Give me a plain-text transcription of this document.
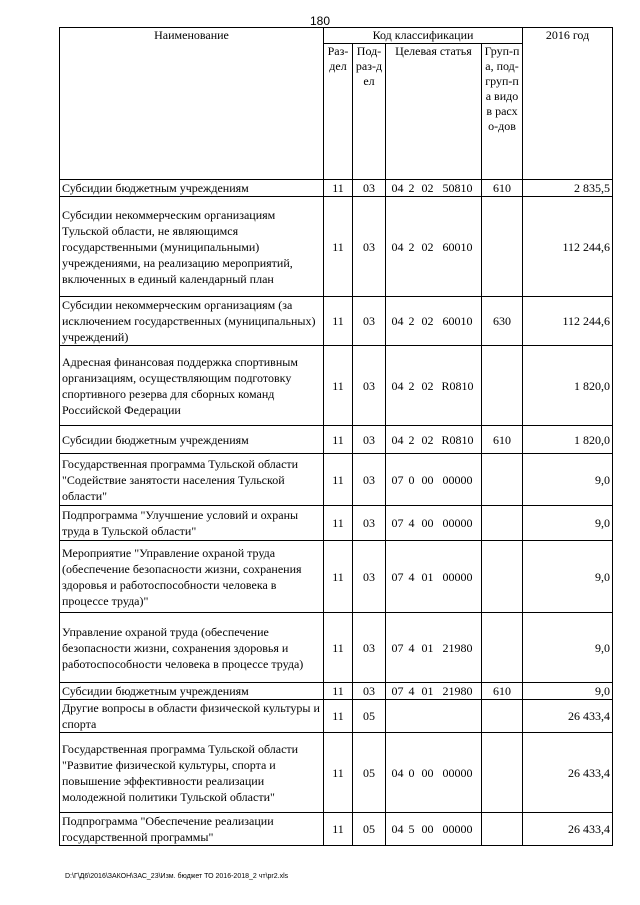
180
Наименование	Код классификации				2016 год
	Раз-дел	Под-раз-дел	Целевая статья	Груп-па, под-груп-па видов расхо-дов	
Субсидии бюджетным учреждениям	11	03	04 2 02 50810	610	2 835,5
Субсидии некоммерческим организациям Тульской области, не являющимся государственными (муниципальными) учреждениями, на реализацию мероприятий, включенных в единый календарный план	11	03	04 2 02 60010		112 244,6
Субсидии некоммерческим организациям (за исключением государственных (муниципальных) учреждений)	11	03	04 2 02 60010	630	112 244,6
Адресная финансовая поддержка спортивным организациям, осуществляющим подготовку спортивного резерва для сборных команд Российской Федерации	11	03	04 2 02 R0810		1 820,0
Субсидии бюджетным учреждениям	11	03	04 2 02 R0810	610	1 820,0
Государственная программа Тульской области "Содействие занятости населения Тульской области"	11	03	07 0 00 00000		9,0
Подпрограмма "Улучшение условий и охраны труда в Тульской области"	11	03	07 4 00 00000		9,0
Мероприятие "Управление охраной труда (обеспечение безопасности жизни, сохранения здоровья и работоспособности человека в процессе труда)"	11	03	07 4 01 00000		9,0
Управление охраной труда (обеспечение безопасности жизни, сохранения здоровья и работоспособности человека в процессе труда)	11	03	07 4 01 21980		9,0
Субсидии бюджетным учреждениям	11	03	07 4 01 21980	610	9,0
Другие вопросы в области физической культуры и спорта	11	05			26 433,4
Государственная программа Тульской области "Развитие физической культуры, спорта и повышение эффективности реализации молодежной политики Тульской области"	11	05	04 0 00 00000		26 433,4
Подпрограмма "Обеспечение реализации государственной программы"	11	05	04 5 00 00000		26 433,4
D:\Г\Д6\2016\ЗАКОН\ЗАС_23\Изм. бюджет ТО 2016-2018_2 чт\pr2.xls
